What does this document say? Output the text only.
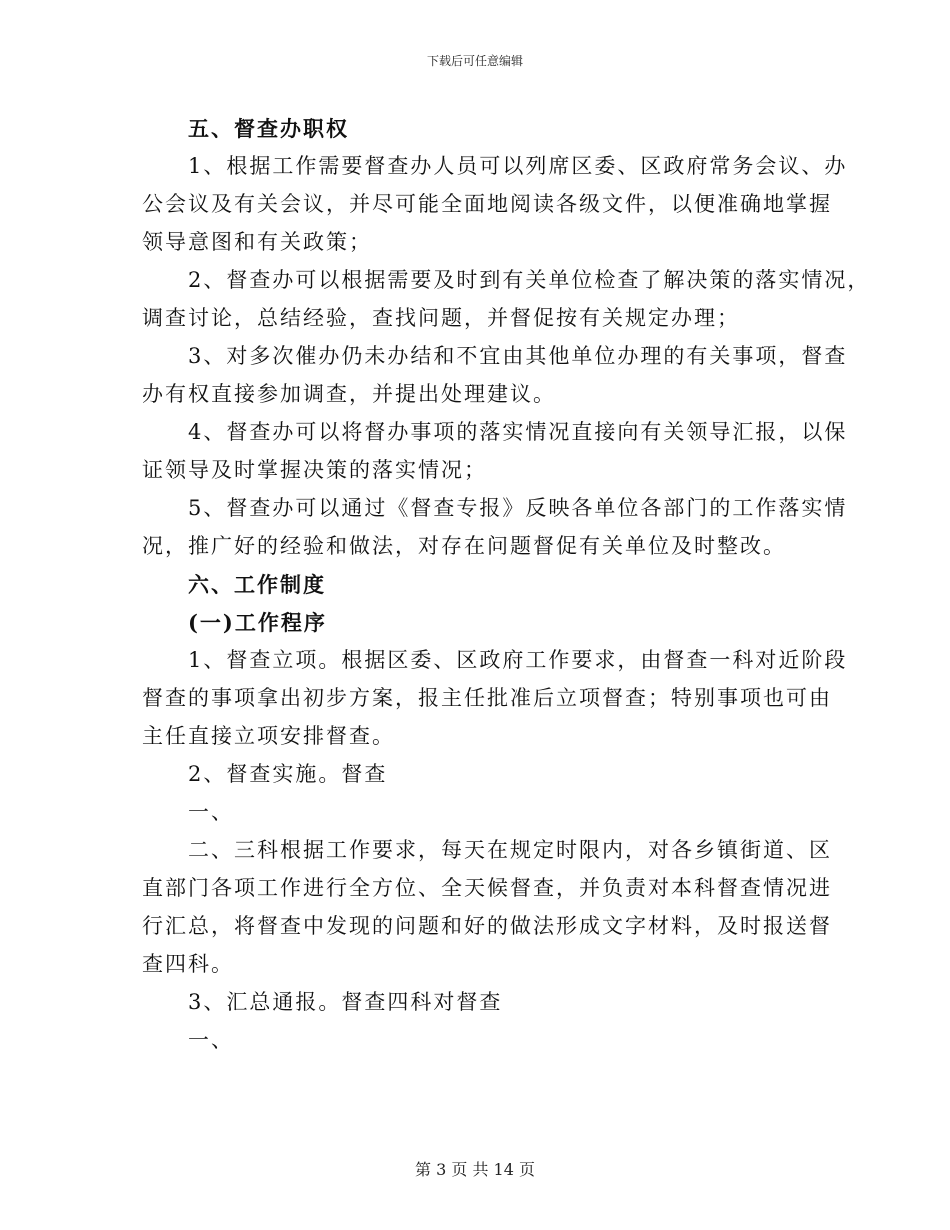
下载后可任意编辑
五、督查办职权
1、根据工作需要督查办人员可以列席区委、区政府常务会议、办
公会议及有关会议，并尽可能全面地阅读各级文件，以便准确地掌握
领导意图和有关政策；
2、督查办可以根据需要及时到有关单位检查了解决策的落实情况，
调查讨论，总结经验，查找问题，并督促按有关规定办理；
3、对多次催办仍未办结和不宜由其他单位办理的有关事项，督查
办有权直接参加调查，并提出处理建议。
4、督查办可以将督办事项的落实情况直接向有关领导汇报，以保
证领导及时掌握决策的落实情况；
5、督查办可以通过《督查专报》反映各单位各部门的工作落实情
况，推广好的经验和做法，对存在问题督促有关单位及时整改。
六、工作制度
(一)工作程序
1、督查立项。根据区委、区政府工作要求，由督查一科对近阶段
督查的事项拿出初步方案，报主任批准后立项督查；特别事项也可由
主任直接立项安排督查。
2、督查实施。督查
一、
二、三科根据工作要求，每天在规定时限内，对各乡镇街道、区
直部门各项工作进行全方位、全天候督查，并负责对本科督查情况进
行汇总，将督查中发现的问题和好的做法形成文字材料，及时报送督
查四科。
3、汇总通报。督查四科对督查
一、
第 3 页 共 14 页
